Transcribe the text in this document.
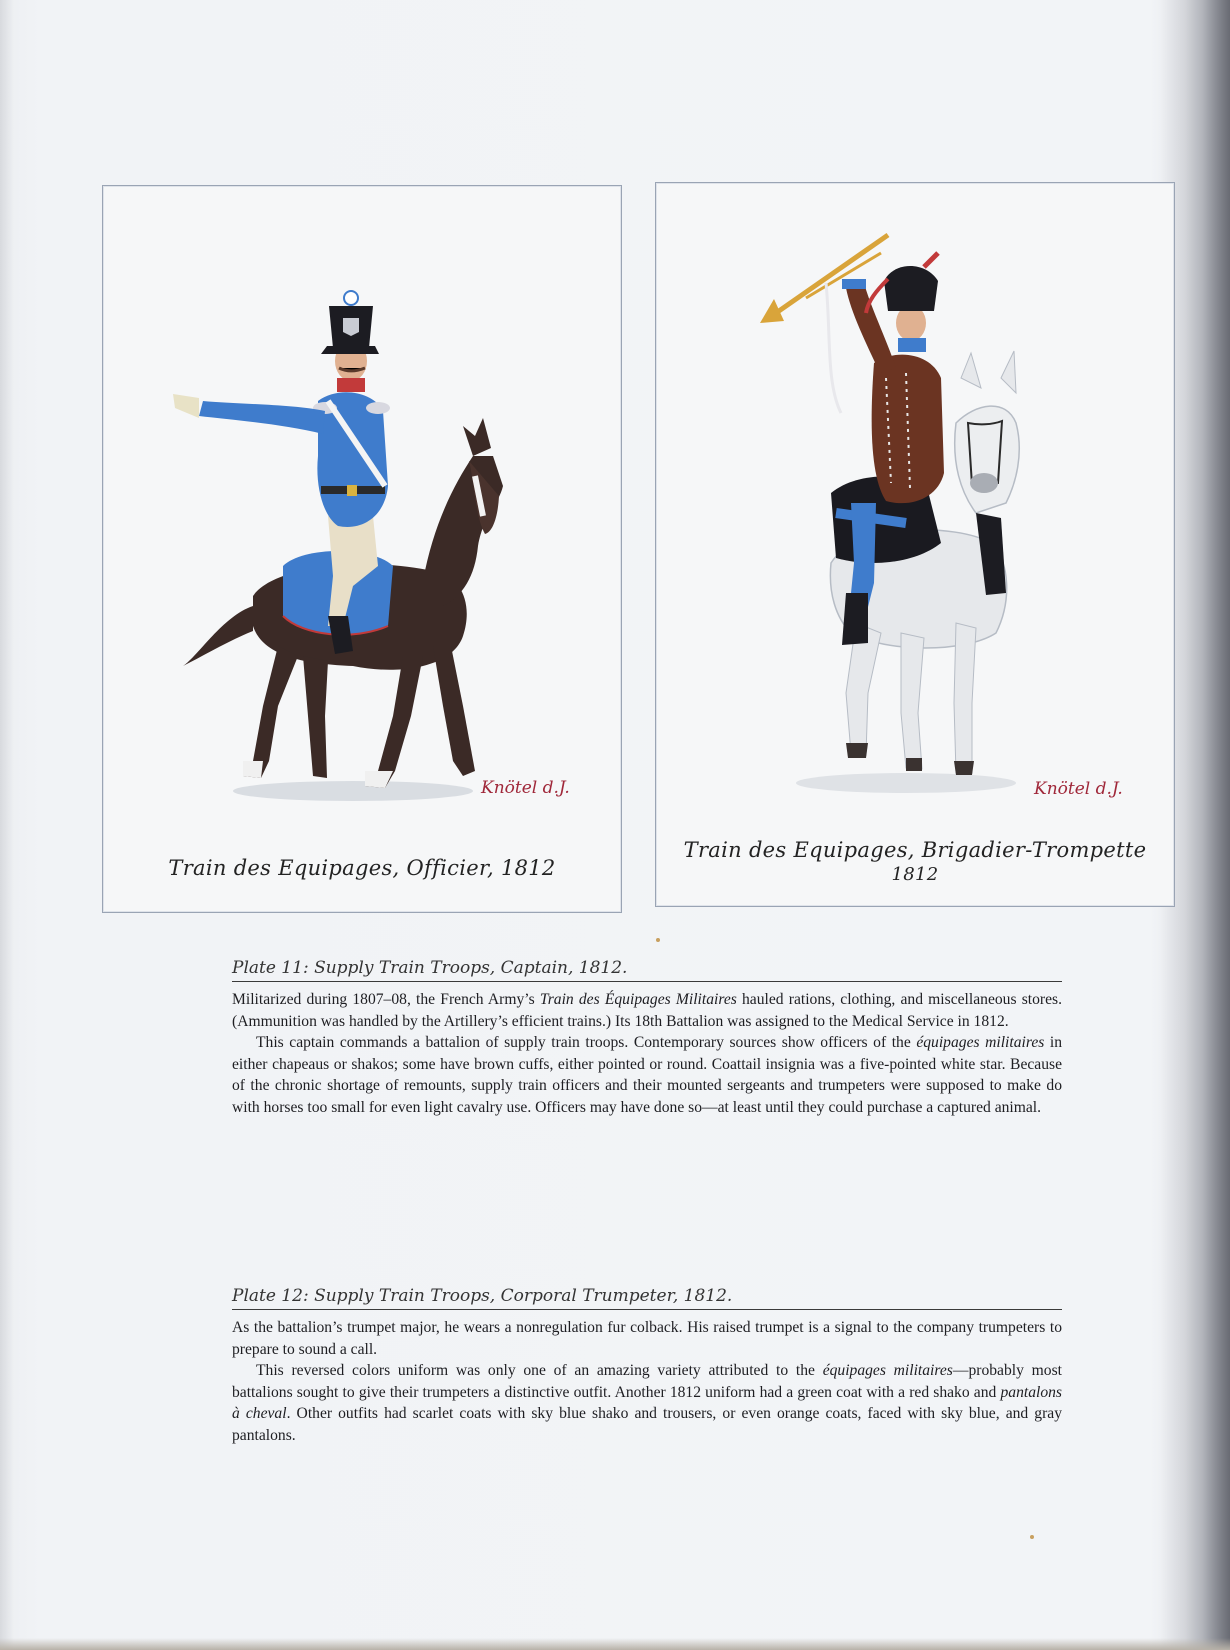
Knötel d.J.
Train des Equipages, Officier, 1812
Knötel d.J.
Train des Equipages, Brigadier-Trompette
1812
Plate 11: Supply Train Troops, Captain, 1812.

Militarized during 1807–08, the French Army’s Train des Équipages Militaires hauled rations, clothing, and miscellaneous stores. (Ammunition was handled by the Artillery’s efficient trains.) Its 18th Battalion was assigned to the Medical Service in 1812.

This captain commands a battalion of supply train troops. Contemporary sources show officers of the équipages militaires in either chapeaus or shakos; some have brown cuffs, either pointed or round. Coattail insignia was a five-pointed white star. Because of the chronic shortage of remounts, supply train officers and their mounted sergeants and trumpeters were supposed to make do with horses too small for even light cavalry use. Officers may have done so—at least until they could purchase a captured animal.

Plate 12: Supply Train Troops, Corporal Trumpeter, 1812.

As the battalion’s trumpet major, he wears a nonregulation fur colback. His raised trumpet is a signal to the company trumpeters to prepare to sound a call.

This reversed colors uniform was only one of an amazing variety attributed to the équipages militaires—probably most battalions sought to give their trumpeters a distinctive outfit. Another 1812 uniform had a green coat with a red shako and pantalons à cheval. Other outfits had scarlet coats with sky blue shako and trousers, or even orange coats, faced with sky blue, and gray pantalons.
